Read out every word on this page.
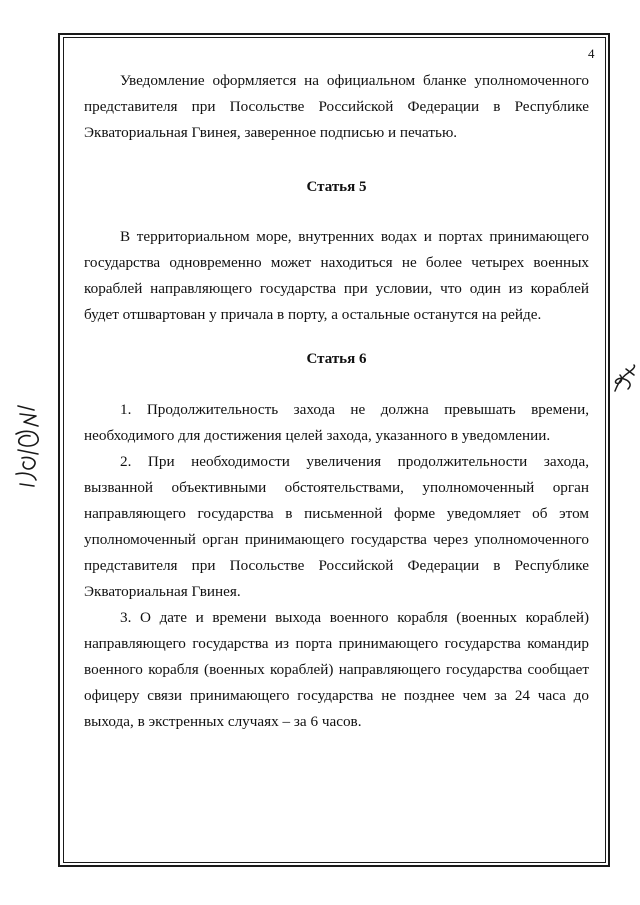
4

Уведомление оформляется на официальном бланке уполномоченного представителя при Посольстве Российской Федерации в Республике Экваториальная Гвинея, заверенное подписью и печатью.

Статья 5

В территориальном море, внутренних водах и портах принимающего государства одновременно может находиться не более четырех военных кораблей направляющего государства при условии, что один из кораблей будет отшвартован у причала в порту, а остальные останутся на рейде.

Статья 6

1. Продолжительность захода не должна превышать времени, необходимого для достижения целей захода, указанного в уведомлении.

2. При необходимости увеличения продолжительности захода, вызванной объективными обстоятельствами, уполномоченный орган направляющего государства в письменной форме уведомляет об этом уполномоченный орган принимающего государства через уполномоченного представителя при Посольстве Российской Федерации в Республике Экваториальная Гвинея.

3. О дате и времени выхода военного корабля (военных кораблей) направляющего государства из порта принимающего государства командир военного корабля (военных кораблей) направляющего государства сообщает офицеру связи принимающего государства не позднее чем за 24 часа до выхода, в экстренных случаях – за 6 часов.
